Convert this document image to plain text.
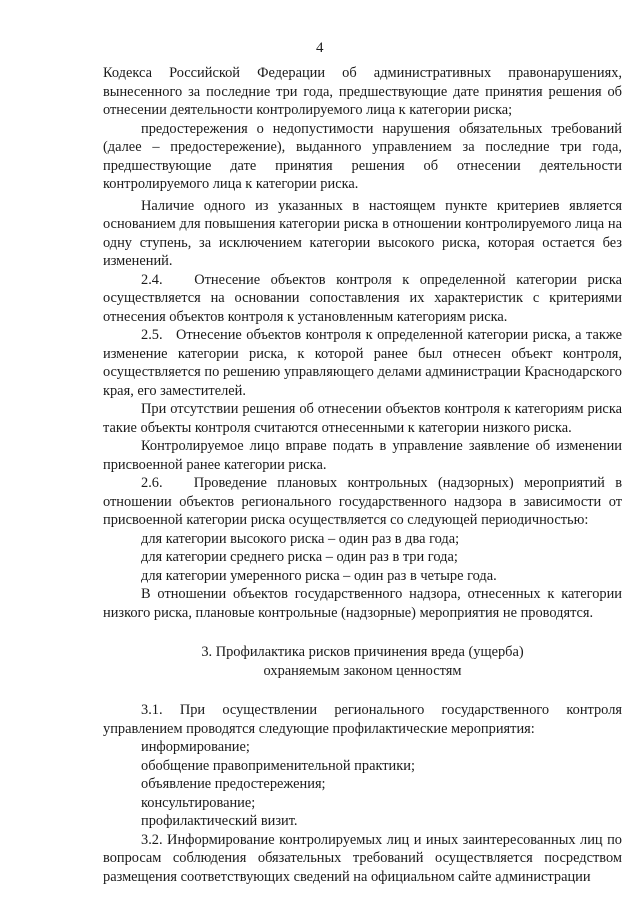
4

Кодекса Российской Федерации об административных правонарушениях, вынесенного за последние три года, предшествующие дате принятия решения об отнесении деятельности контролируемого лица к категории риска;

предостережения о недопустимости нарушения обязательных требований (далее – предостережение), выданного управлением за последние три года, предшествующие дате принятия решения об отнесении деятельности контролируемого лица к категории риска.

Наличие одного из указанных в настоящем пункте критериев является основанием для повышения категории риска в отношении контролируемого лица на одну ступень, за исключением категории высокого риска, которая остается без изменений.

2.4.   Отнесение объектов контроля к определенной категории риска осуществляется на основании сопоставления их характеристик с критериями отнесения объектов контроля к установленным категориям риска.

2.5.   Отнесение объектов контроля к определенной категории риска, а также изменение категории риска, к которой ранее был отнесен объект контроля, осуществляется по решению управляющего делами администрации Краснодарского края, его заместителей.

При отсутствии решения об отнесении объектов контроля к категориям риска такие объекты контроля считаются отнесенными к категории низкого риска.

Контролируемое лицо вправе подать в управление заявление об изменении присвоенной ранее категории риска.

2.6.   Проведение плановых контрольных (надзорных) мероприятий в отношении объектов регионального государственного надзора в зависимости от присвоенной категории риска осуществляется со следующей периодичностью:

для категории высокого риска – один раз в два года;

для категории среднего риска – один раз в три года;

для категории умеренного риска – один раз в четыре года.

В отношении объектов государственного надзора, отнесенных к категории низкого риска, плановые контрольные (надзорные) мероприятия не проводятся.

3. Профилактика рисков причинения вреда (ущерба)
охраняемым законом ценностям

3.1. При осуществлении регионального государственного контроля управлением проводятся следующие профилактические мероприятия:

информирование;

обобщение правоприменительной практики;

объявление предостережения;

консультирование;

профилактический визит.

3.2. Информирование контролируемых лиц и иных заинтересованных лиц по вопросам соблюдения обязательных требований осуществляется посредством размещения соответствующих сведений на официальном сайте администрации
